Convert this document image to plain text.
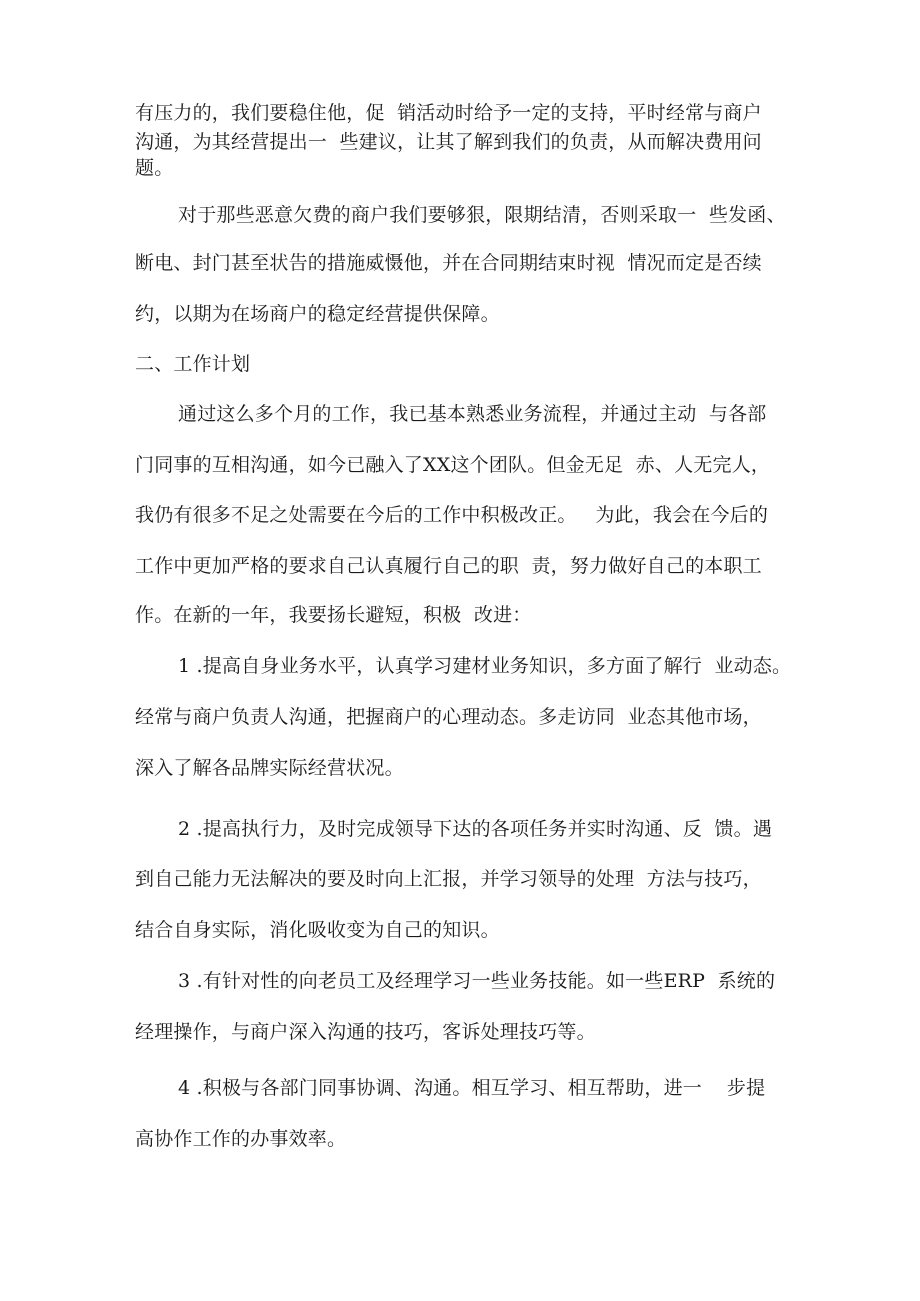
有压力的，我们要稳住他，促  销活动时给予一定的支持，平时经常与商户
沟通，为其经营提出一  些建议，让其了解到我们的负责，从而解决费用问
题。
对于那些恶意欠费的商户我们要够狠，限期结清，否则采取一  些发函、
断电、封门甚至状告的措施威慑他，并在合同期结束时视  情况而定是否续
约，以期为在场商户的稳定经营提供保障。
二、工作计划
通过这么多个月的工作，我已基本熟悉业务流程，并通过主动  与各部
门同事的互相沟通，如今已融入了XX这个团队。但金无足  赤、人无完人，
我仍有很多不足之处需要在今后的工作中积极改正。   为此，我会在今后的
工作中更加严格的要求自己认真履行自己的职  责，努力做好自己的本职工
作。在新的一年，我要扬长避短，积极  改进：
1 .提高自身业务水平，认真学习建材业务知识，多方面了解行  业动态。
经常与商户负责人沟通，把握商户的心理动态。多走访同  业态其他市场，
深入了解各品牌实际经营状况。
2 .提高执行力，及时完成领导下达的各项任务并实时沟通、反  馈。遇
到自己能力无法解决的要及时向上汇报，并学习领导的处理  方法与技巧，
结合自身实际，消化吸收变为自己的知识。
3 .有针对性的向老员工及经理学习一些业务技能。如一些ERP  系统的
经理操作，与商户深入沟通的技巧，客诉处理技巧等。
4 .积极与各部门同事协调、沟通。相互学习、相互帮助，进一    步提
高协作工作的办事效率。
